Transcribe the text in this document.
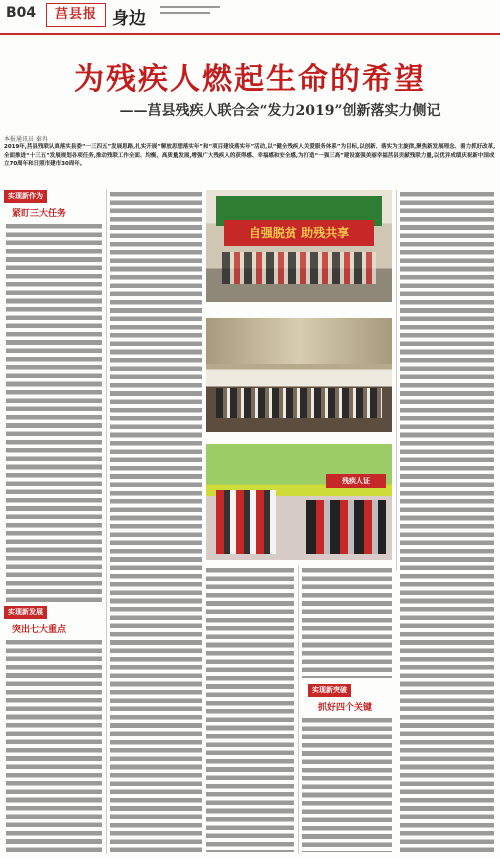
B04	莒县报 身边
为残疾人燃起生命的希望
——莒县残疾人联合会“发力2019”创新落实力侧记
本报通讯员 秦冉
2019年,莒县残联认真落实县委“一三四五”发展思路,扎实开展“解放思想落实年”和“项目建设落实年”活动,以“健全残疾人关爱服务体系”为目标,以创新、落实为主旋律,聚焦新发展理念、着力抓好改革,全面推进“十三五”发展规划各项任务,推动残联工作全面、均衡、高质量发展,增强广大残疾人的获得感、幸福感和安全感,为打造“一强三高”建设富强美丽幸福莒县贡献残联力量,以优异成绩庆祝新中国成立70周年和日照市建市30周年。
实现新作为
紧盯三大任务
实现新发展
突出七大重点
自强脱贫 助残共享
残疾人证
实现新突破
抓好四个关键
